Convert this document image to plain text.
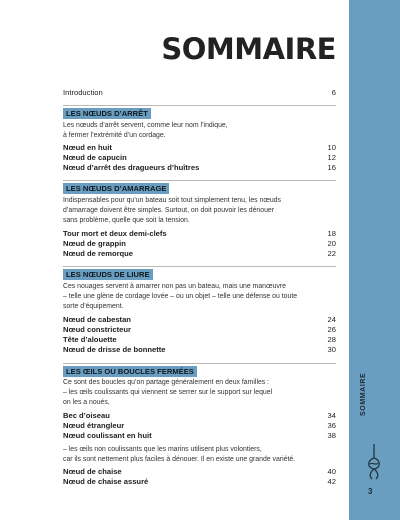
SOMMAIRE
3
SOMMAIRE
Introduction	6
LES NŒUDS D’ARRÊT
Les nœuds d’arrêt servent, comme leur nom l’indique,
à fermer l’extrémité d’un cordage.
Nœud en huit	10
Nœud de capucin	12
Nœud d’arrêt des dragueurs d’huîtres	16
LES NŒUDS D’AMARRAGE
Indispensables pour qu’un bateau soit tout simplement tenu, les nœuds
d’amarrage doivent être simples. Surtout, on doit pouvoir les dénouer
sans problème, quelle que soit la tension.
Tour mort et deux demi-clefs	18
Nœud de grappin	20
Nœud de remorque	22
LES NŒUDS DE LIURE
Ces nouages servent à amarrer non pas un bateau, mais une manœuvre
– telle une glène de cordage lovée – ou un objet – telle une défense ou toute
sorte d’équipement.
Nœud de cabestan	24
Nœud constricteur	26
Tête d’alouette	28
Nœud de drisse de bonnette	30
LES ŒILS OU BOUCLES FERMÉES
Ce sont des boucles qu’on partage généralement en deux familles :
– les œils coulissants qui viennent se serrer sur le support sur lequel
on les a noués,
Bec d’oiseau	34
Nœud étrangleur	36
Nœud coulissant en huit	38
– les œils non coulissants que les marins utilisent plus volontiers,
car ils sont nettement plus faciles à dénouer. Il en existe une grande variété.
Nœud de chaise	40
Nœud de chaise assuré	42
